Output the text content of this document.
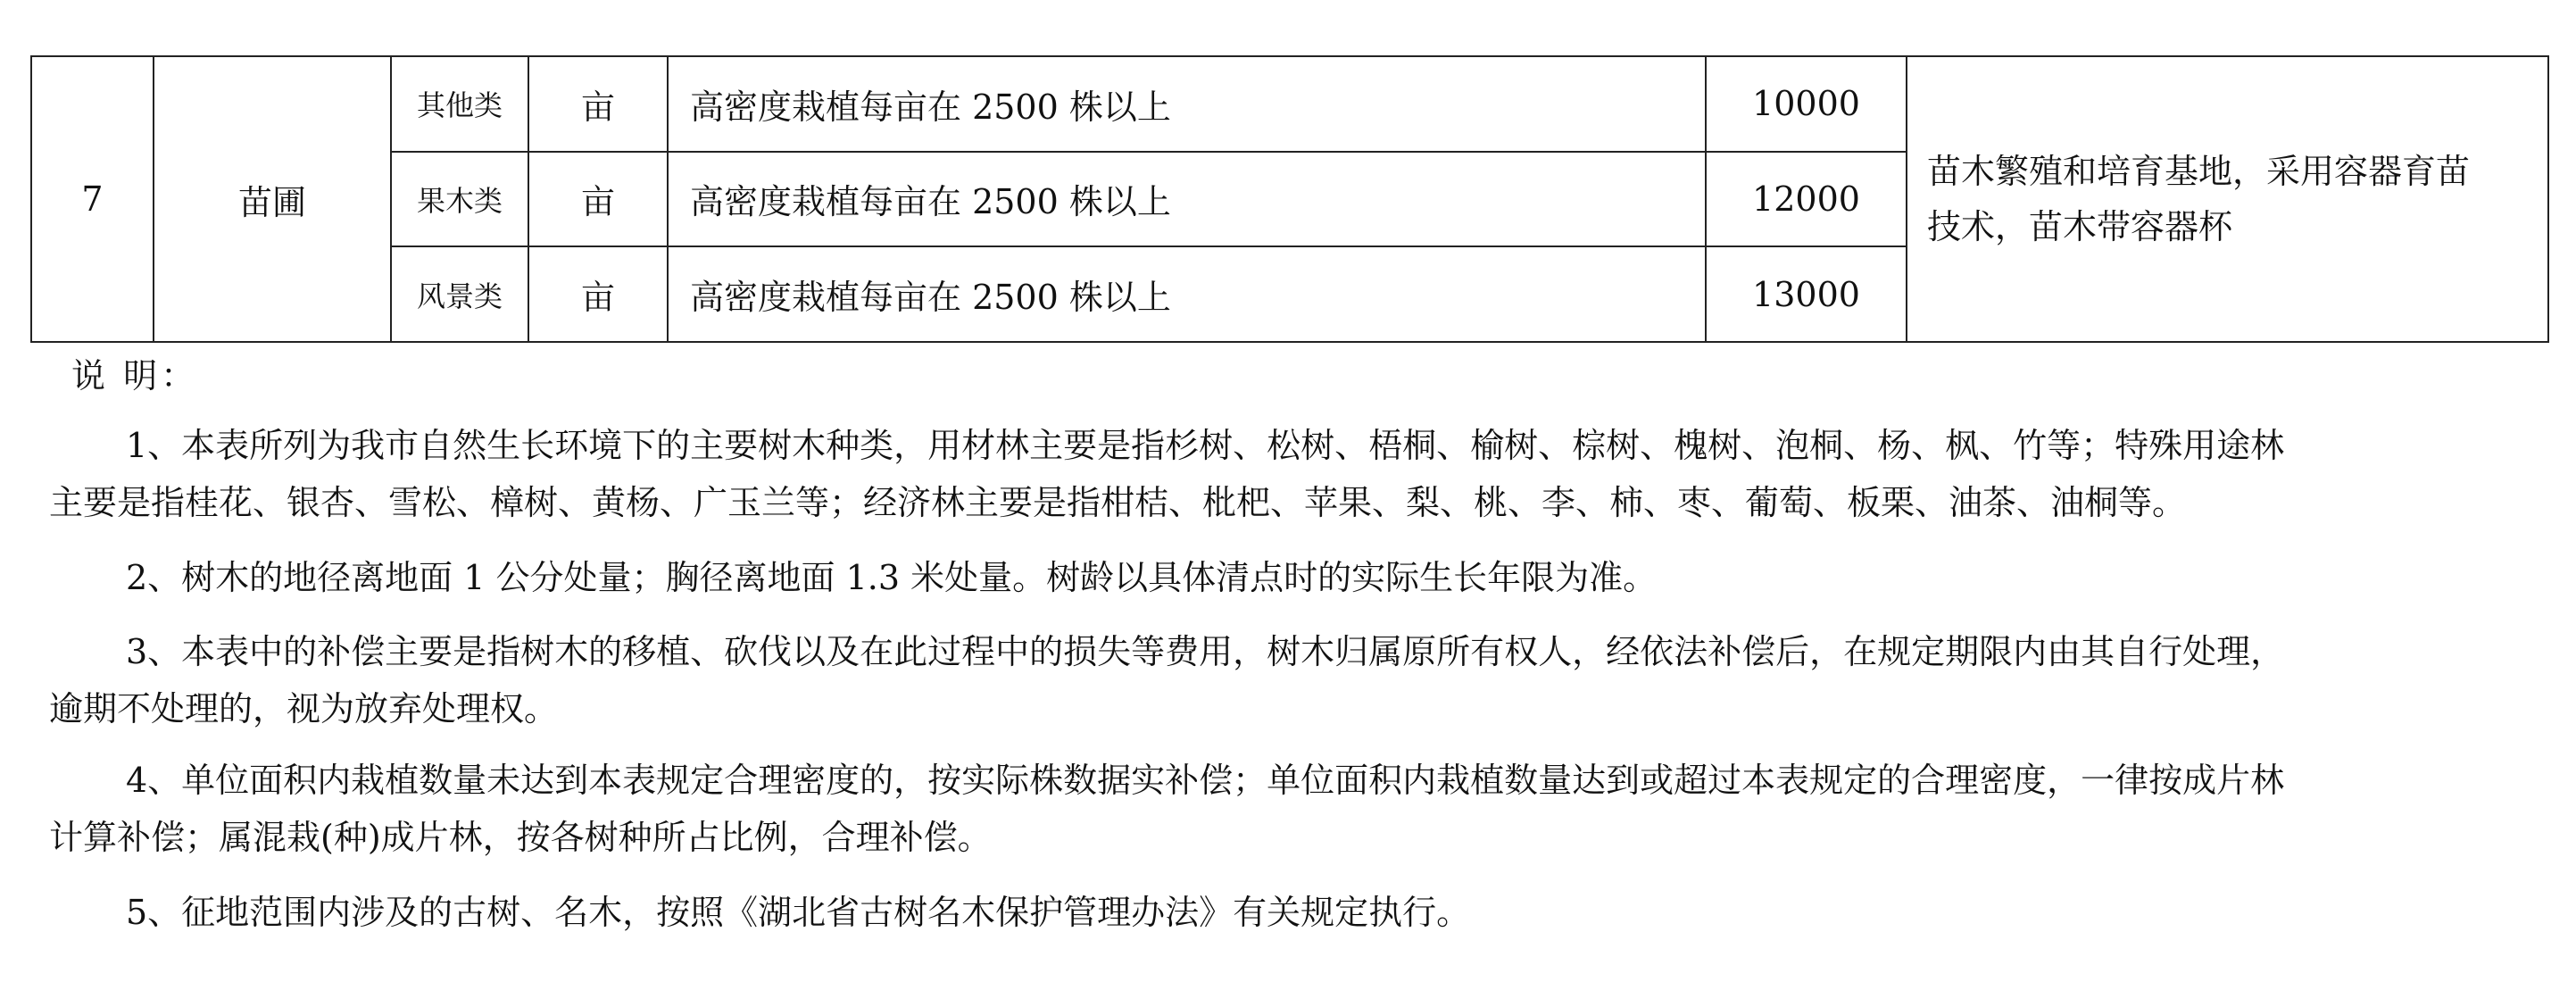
7	苗圃	其他类	亩	高密度栽植每亩在 2500 株以上	10000	苗木繁殖和培育基地，采用容器育苗
技术，苗木带容器杯
		果木类	亩	高密度栽植每亩在 2500 株以上	12000	
		风景类	亩	高密度栽植每亩在 2500 株以上	13000	
说 明：
1、本表所列为我市自然生长环境下的主要树木种类，用材林主要是指杉树、松树、梧桐、榆树、棕树、槐树、泡桐、杨、枫、竹等；特殊用途林
主要是指桂花、银杏、雪松、樟树、黄杨、广玉兰等；经济林主要是指柑桔、枇杷、苹果、梨、桃、李、柿、枣、葡萄、板栗、油茶、油桐等。
2、树木的地径离地面 1 公分处量；胸径离地面 1.3 米处量。树龄以具体清点时的实际生长年限为准。
3、本表中的补偿主要是指树木的移植、砍伐以及在此过程中的损失等费用，树木归属原所有权人，经依法补偿后，在规定期限内由其自行处理，
逾期不处理的，视为放弃处理权。
4、单位面积内栽植数量未达到本表规定合理密度的，按实际株数据实补偿；单位面积内栽植数量达到或超过本表规定的合理密度，一律按成片林
计算补偿；属混栽(种)成片林，按各树种所占比例，合理补偿。
5、征地范围内涉及的古树、名木，按照《湖北省古树名木保护管理办法》有关规定执行。
